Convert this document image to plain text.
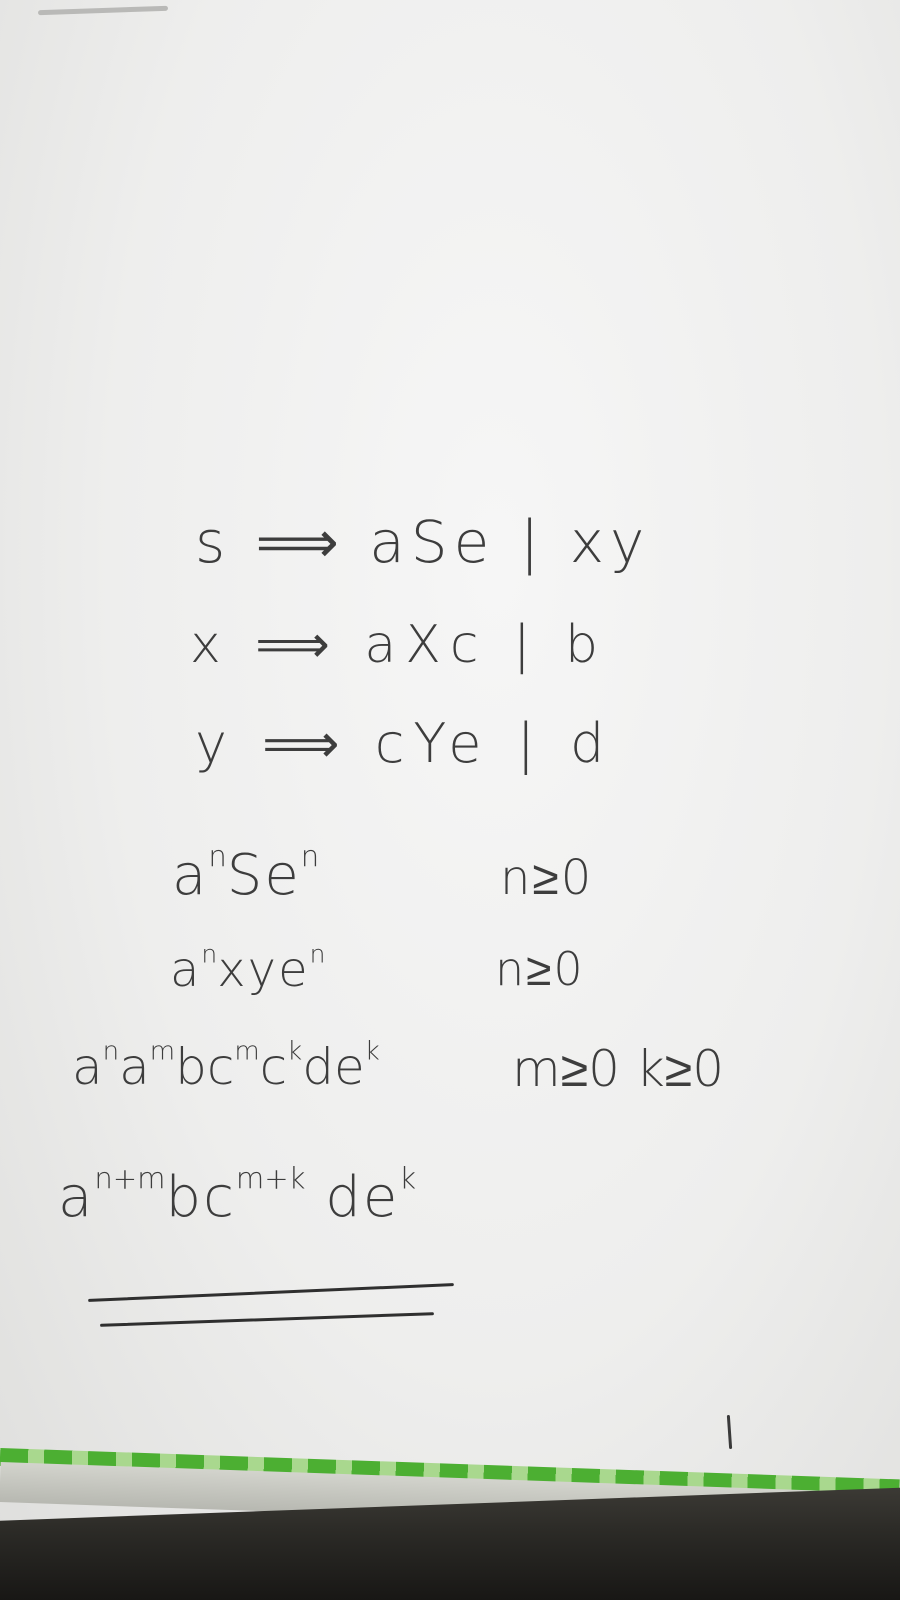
s ⟹ aSe | xy
x ⟹ aXc | b
y ⟹ cYe | d
$a^nSe^n$	n≥0
$a^nxye^n$	n≥0
$a^na^mbc^mc^kde^k$	m≥0 k≥0
$a^{n+m}bc^{m+k}$ $de^k$
